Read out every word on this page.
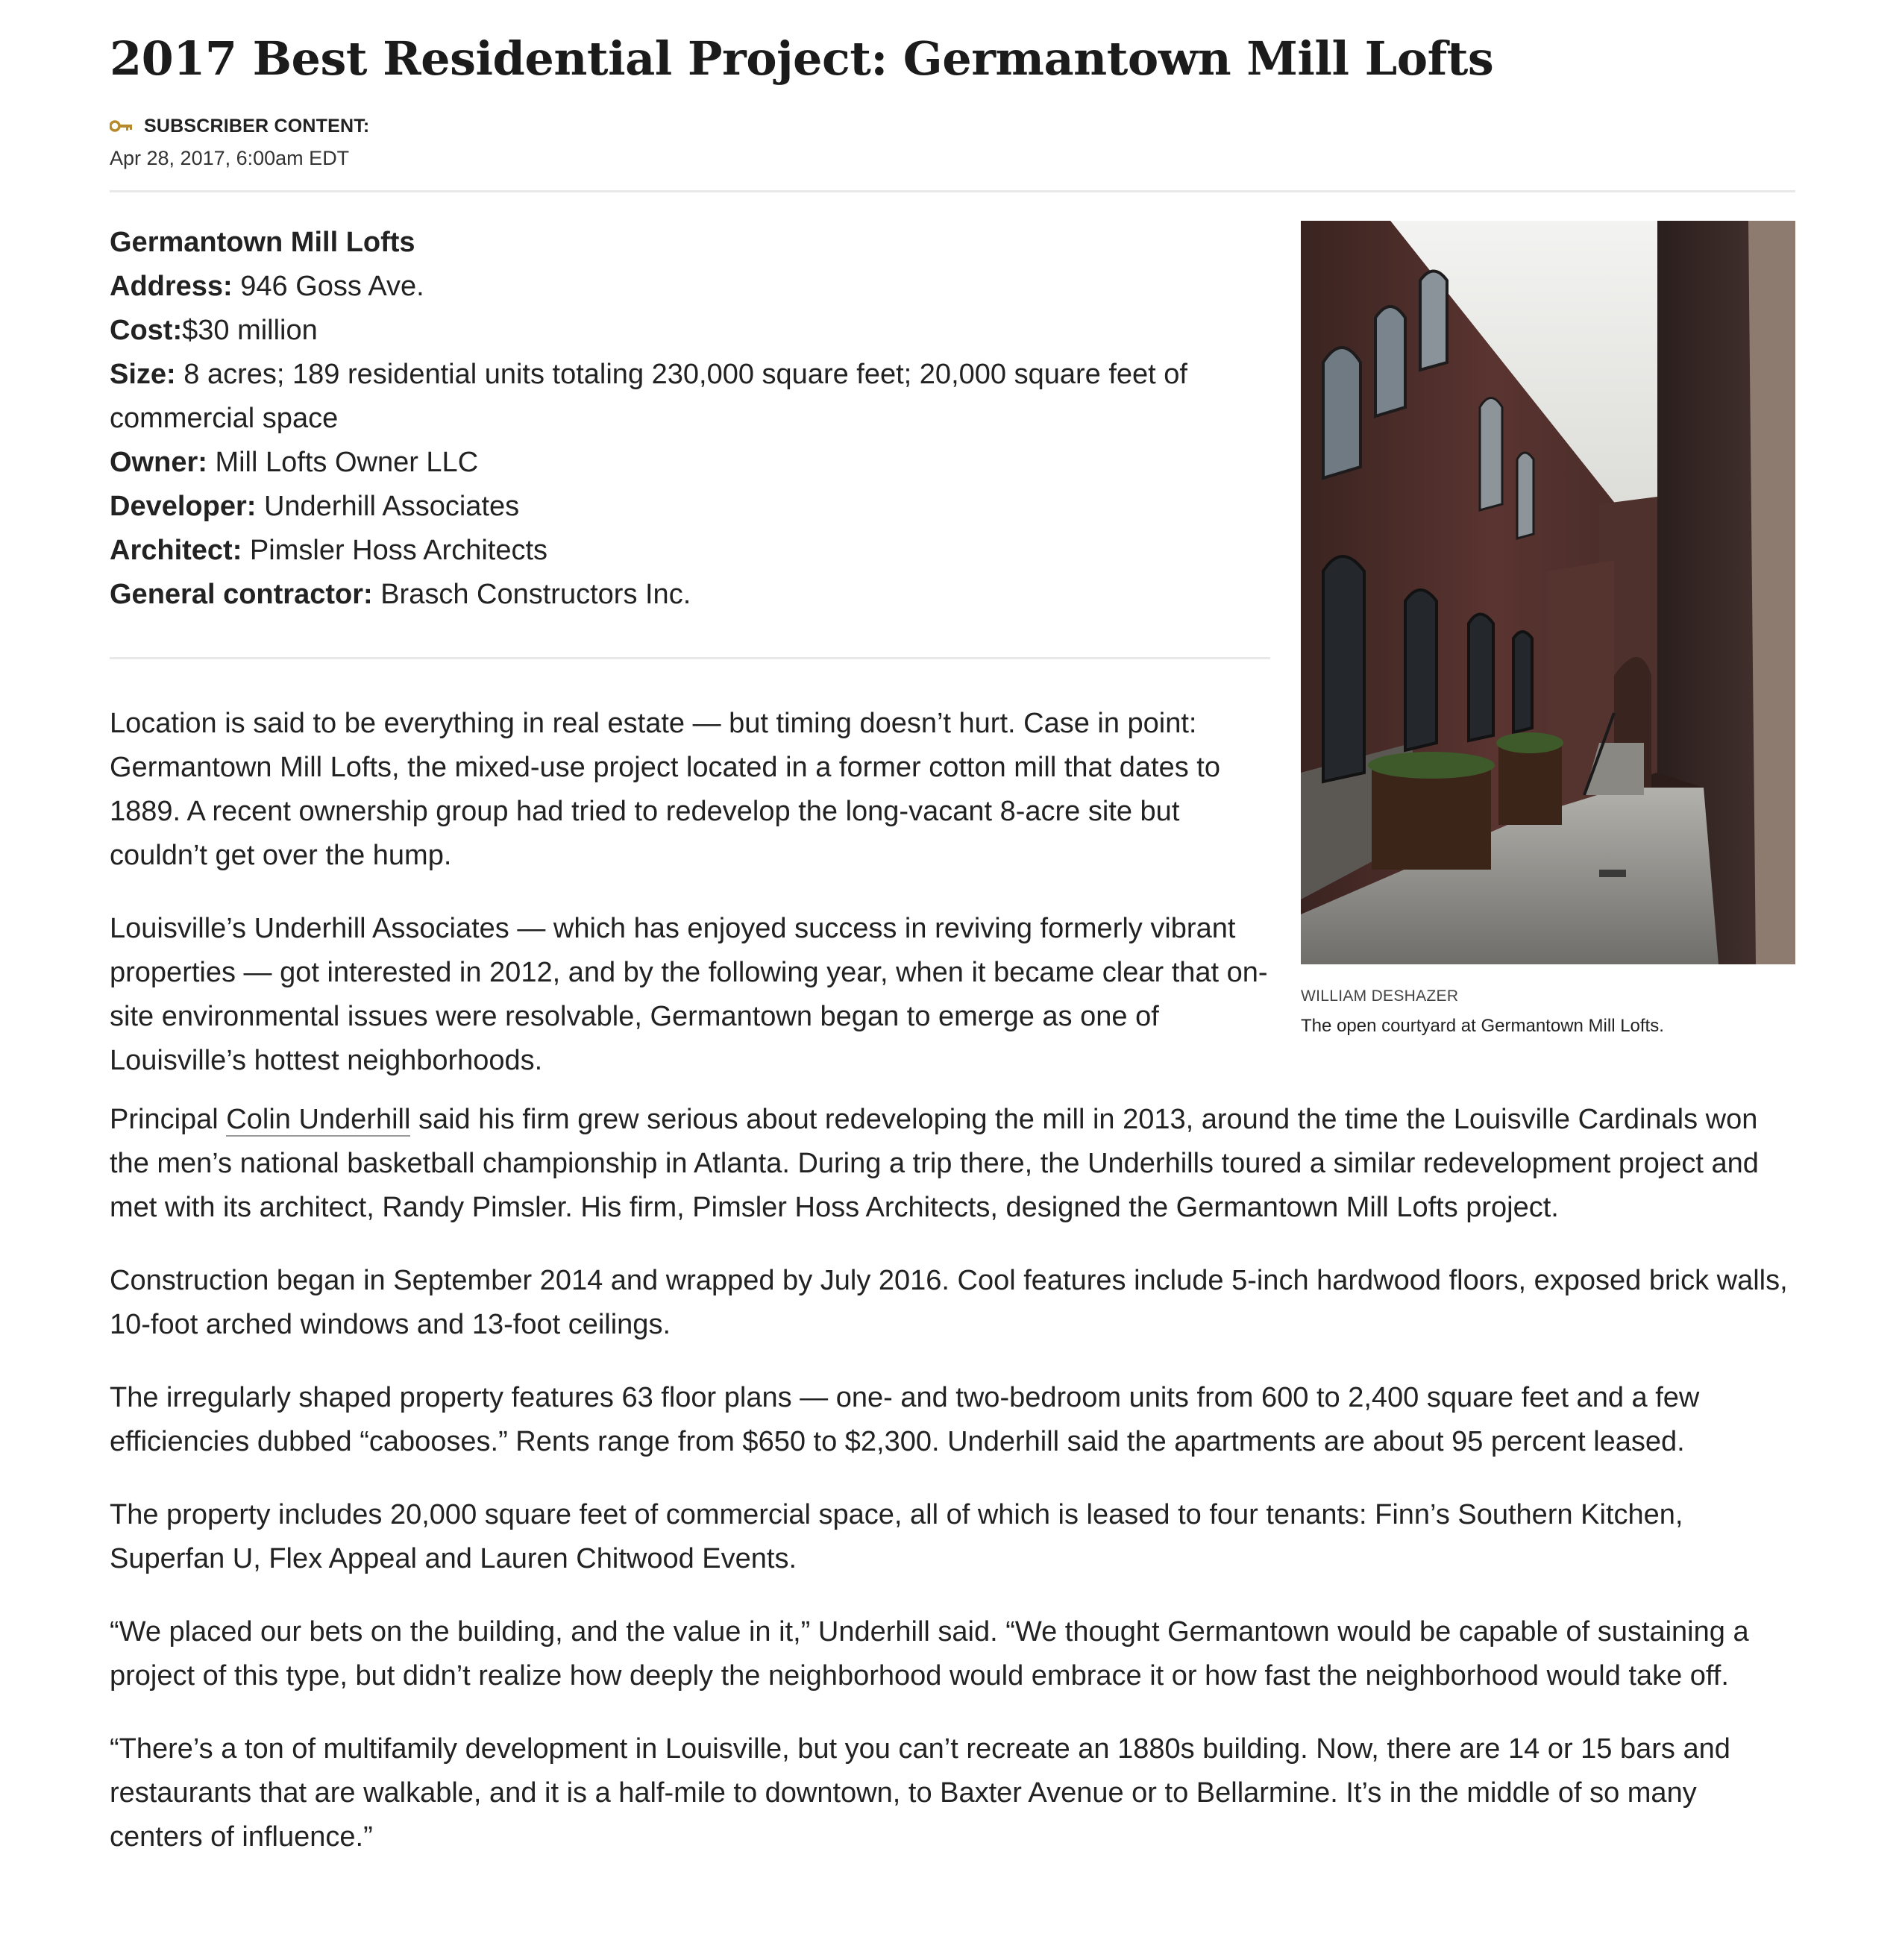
2017 Best Residential Project: Germantown Mill Lofts
SUBSCRIBER CONTENT:
Apr 28, 2017, 6:00am EDT
Germantown Mill Lofts
Address: 946 Goss Ave.
Cost:$30 million
Size: 8 acres; 189 residential units totaling 230,000 square feet; 20,000 square feet of commercial space
Owner: Mill Lofts Owner LLC
Developer: Underhill Associates
Architect: Pimsler Hoss Architects
General contractor: Brasch Constructors Inc.

Location is said to be everything in real estate — but timing doesn’t hurt. Case in point: Germantown Mill Lofts, the mixed-use project located in a former cotton mill that dates to 1889. A recent ownership group had tried to redevelop the long-vacant 8-acre site but couldn’t get over the hump.

Louisville’s Underhill Associates — which has enjoyed success in reviving formerly vibrant properties — got interested in 2012, and by the following year, when it became clear that on-site environmental issues were resolvable, Germantown began to emerge as one of Louisville’s hottest neighborhoods.

WILLIAM DESHAZER
The open courtyard at Germantown Mill Lofts.

Principal Colin Underhill said his firm grew serious about redeveloping the mill in 2013, around the time the Louisville Cardinals won the men’s national basketball championship in Atlanta. During a trip there, the Underhills toured a similar redevelopment project and met with its architect, Randy Pimsler. His firm, Pimsler Hoss Architects, designed the Germantown Mill Lofts project.

Construction began in September 2014 and wrapped by July 2016. Cool features include 5-inch hardwood floors, exposed brick walls, 10-foot arched windows and 13-foot ceilings.

The irregularly shaped property features 63 floor plans — one- and two-bedroom units from 600 to 2,400 square feet and a few efficiencies dubbed “cabooses.” Rents range from $650 to $2,300. Underhill said the apartments are about 95 percent leased.

The property includes 20,000 square feet of commercial space, all of which is leased to four tenants: Finn’s Southern Kitchen, Superfan U, Flex Appeal and Lauren Chitwood Events.

“We placed our bets on the building, and the value in it,” Underhill said. “We thought Germantown would be capable of sustaining a project of this type, but didn’t realize how deeply the neighborhood would embrace it or how fast the neighborhood would take off.

“There’s a ton of multifamily development in Louisville, but you can’t recreate an 1880s building. Now, there are 14 or 15 bars and restaurants that are walkable, and it is a half-mile to downtown, to Baxter Avenue or to Bellarmine. It’s in the middle of so many centers of influence.”
